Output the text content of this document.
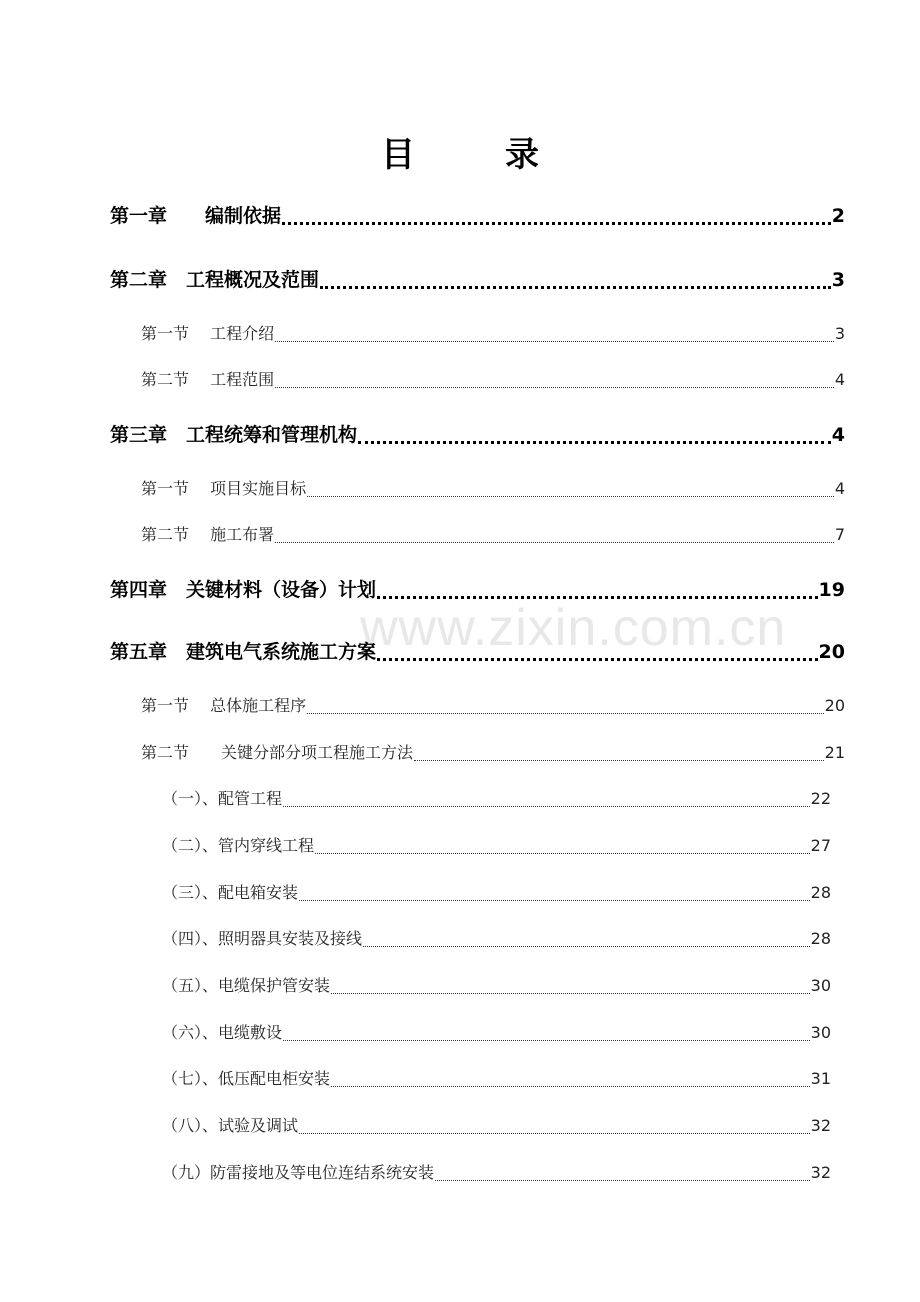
www.zixin.com.cn
目　录
第一章　　编制依据	2
第二章　工程概况及范围	3
第一节　 工程介绍	3
第二节　 工程范围	4
第三章　工程统筹和管理机构	4
第一节　 项目实施目标	4
第二节　 施工布署	7
第四章　关键材料（设备）计划	19
第五章　建筑电气系统施工方案	20
第一节　 总体施工程序	20
第二节　　关键分部分项工程施工方法	21
（一）、配管工程	22
（二）、管内穿线工程	27
（三）、配电箱安装	28
（四）、照明器具安装及接线	28
（五）、电缆保护管安装	30
（六）、电缆敷设	30
（七）、低压配电柜安装	31
（八）、试验及调试	32
（九）防雷接地及等电位连结系统安装	32
